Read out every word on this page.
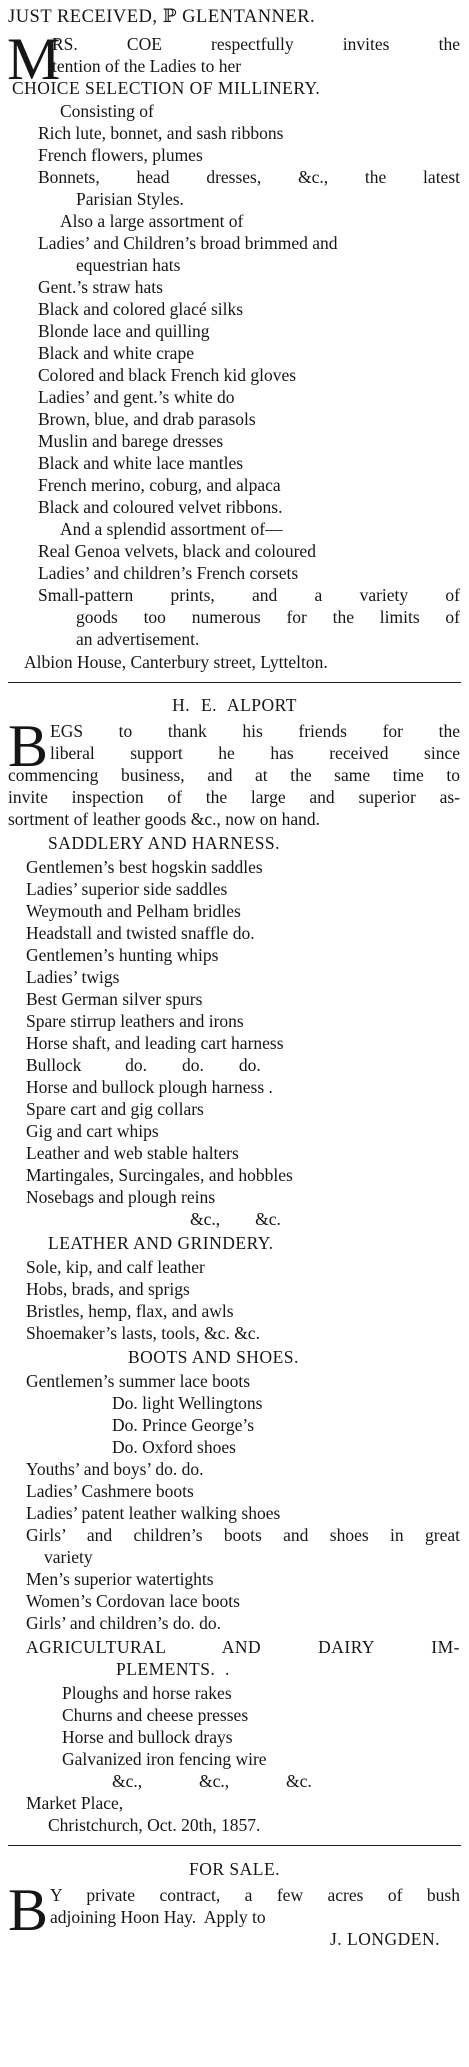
JUST RECEIVED, ℙ GLENTANNER.
M
RS. COE respectfully invites the
tention of the Ladies to her
CHOICE SELECTION OF MILLINERY.
Consisting of
Rich lute, bonnet, and sash ribbons
French flowers, plumes
Bonnets, head dresses, &c., the latest
Parisian Styles.
Also a large assortment of
Ladies’ and Children’s broad brimmed and
equestrian hats
Gent.’s straw hats
Black and colored glacé silks
Blonde lace and quilling
Black and white crape
Colored and black French kid gloves
Ladies’ and gent.’s white do
Brown, blue, and drab parasols
Muslin and barege dresses
Black and white lace mantles
French merino, coburg, and alpaca
Black and coloured velvet ribbons.
And a splendid assortment of—
Real Genoa velvets, black and coloured
Ladies’ and children’s French corsets
Small-pattern prints, and a variety of
goods too numerous for the limits of
an advertisement.
Albion House, Canterbury street, Lyttelton.
H. E. ALPORT
B EGS to thank his friends for the
liberal support he has received since
commencing business, and at the same time to
invite inspection of the large and superior as-
sortment of leather goods &c., now on hand.
SADDLERY AND HARNESS.
Gentlemen’s best hogskin saddles
Ladies’ superior side saddles
Weymouth and Pelham bridles
Headstall and twisted snaffle do.
Gentlemen’s hunting whips
Ladies’ twigs
Best German silver spurs
Spare stirrup leathers and irons
Horse shaft, and leading cart harness
Bullock          do.        do.        do.
Horse and bullock plough harness .
Spare cart and gig collars
Gig and cart whips
Leather and web stable halters
Martingales, Surcingales, and hobbles
Nosebags and plough reins
&c.,        &c.
LEATHER AND GRINDERY.
Sole, kip, and calf leather
Hobs, brads, and sprigs
Bristles, hemp, flax, and awls
Shoemaker’s lasts, tools, &c. &c.
BOOTS AND SHOES.
Gentlemen’s summer lace boots
Do. light Wellingtons
Do. Prince George’s
Do. Oxford shoes
Youths’ and boys’ do. do.
Ladies’ Cashmere boots
Ladies’ patent leather walking shoes
Girls’ and children’s boots and shoes in great
variety
Men’s superior watertights
Women’s Cordovan lace boots
Girls’ and children’s do. do.
AGRICULTURAL AND DAIRY IM-
PLEMENTS.  .
Ploughs and horse rakes
Churns and cheese presses
Horse and bullock drays
Galvanized iron fencing wire
&c.,             &c.,             &c.
Market Place,
Christchurch, Oct. 20th, 1857.
FOR SALE.
B Y private contract, a few acres of bush
adjoining Hoon Hay.  Apply to
J. LONGDEN.
